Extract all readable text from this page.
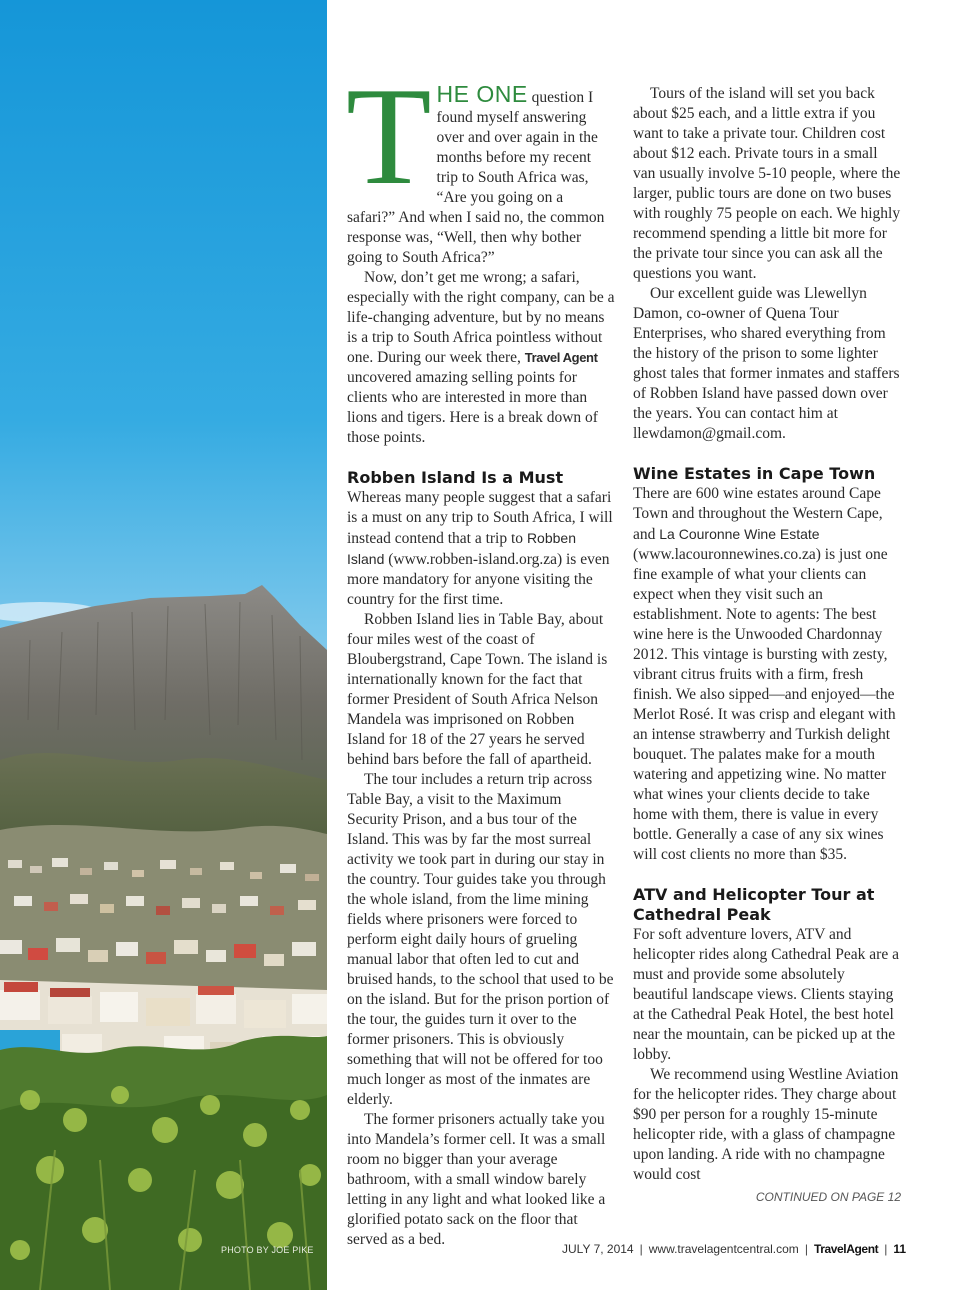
PHOTO BY JOE PIKE

THE ONE question I found myself answering over and over again in the months before my recent trip to South Africa was, “Are you going on a safari?” And when I said no, the common response was, “Well, then why bother going to South Africa?”

Now, don’t get me wrong; a safari, especially with the right company, can be a life-changing adventure, but by no means is a trip to South Africa pointless without one. During our week there, Travel Agent uncovered amazing selling points for clients who are interested in more than lions and tigers. Here is a break down of those points.

Robben Island Is a Must

Whereas many people suggest that a safari is a must on any trip to South Africa, I will instead contend that a trip to Robben Island (www.robben-island.org.za) is even more mandatory for anyone visiting the country for the first time.

Robben Island lies in Table Bay, about four miles west of the coast of Bloubergstrand, Cape Town. The island is internationally known for the fact that former President of South Africa Nelson Mandela was imprisoned on Robben Island for 18 of the 27 years he served behind bars before the fall of apartheid.

The tour includes a return trip across Table Bay, a visit to the Maximum Security Prison, and a bus tour of the Island. This was by far the most surreal activity we took part in during our stay in the country. Tour guides take you through the whole island, from the lime mining fields where prisoners were forced to perform eight daily hours of grueling manual labor that often led to cut and bruised hands, to the school that used to be on the island. But for the prison portion of the tour, the guides turn it over to the former prisoners. This is obviously something that will not be offered for too much longer as most of the inmates are elderly.

The former prisoners actually take you into Mandela’s former cell. It was a small room no bigger than your average bathroom, with a small window barely letting in any light and what looked like a glorified potato sack on the floor that served as a bed.

Tours of the island will set you back about $25 each, and a little extra if you want to take a private tour. Children cost about $12 each. Private tours in a small van usually involve 5-10 people, where the larger, public tours are done on two buses with roughly 75 people on each. We highly recommend spending a little bit more for the private tour since you can ask all the questions you want.

Our excellent guide was Llewellyn Damon, co-owner of Quena Tour Enterprises, who shared everything from the history of the prison to some lighter ghost tales that former inmates and staffers of Robben Island have passed down over the years. You can contact him at llewdamon@gmail.com.

Wine Estates in Cape Town

There are 600 wine estates around Cape Town and throughout the Western Cape, and La Couronne Wine Estate (www.lacouronnewines.co.za) is just one fine example of what your clients can expect when they visit such an establishment. Note to agents: The best wine here is the Unwooded Chardonnay 2012. This vintage is bursting with zesty, vibrant citrus fruits with a firm, fresh finish. We also sipped—and enjoyed—the Merlot Rosé. It was crisp and elegant with an intense strawberry and Turkish delight bouquet. The palates make for a mouth watering and appetizing wine. No matter what wines your clients decide to take home with them, there is value in every bottle. Generally a case of any six wines will cost clients no more than $35.

ATV and Helicopter Tour at Cathedral Peak

For soft adventure lovers, ATV and helicopter rides along Cathedral Peak are a must and provide some absolutely beautiful landscape views. Clients staying at the Cathedral Peak Hotel, the best hotel near the mountain, can be picked up at the lobby.

We recommend using Westline Aviation for the helicopter rides. They charge about $90 per person for a roughly 15-minute helicopter ride, with a glass of champagne upon landing. A ride with no champagne would cost

CONTINUED ON PAGE 12
JULY 7, 2014 | www.travelagentcentral.com | TravelAgent | 11
